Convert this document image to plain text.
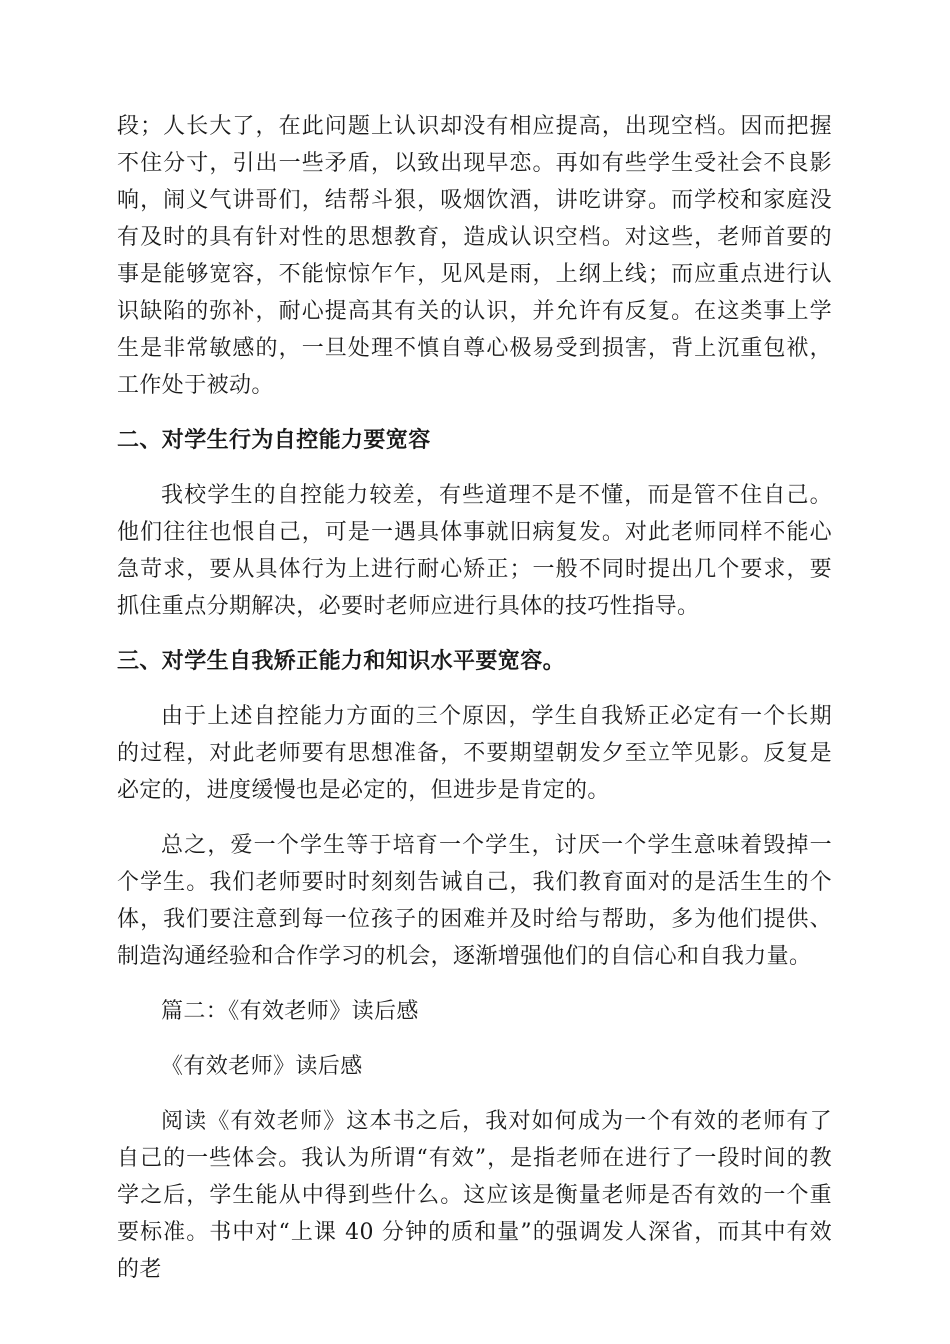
段；人长大了，在此问题上认识却没有相应提高，出现空档。因而把握不住分寸，引出一些矛盾，以致出现早恋。再如有些学生受社会不良影响，闹义气讲哥们，结帮斗狠，吸烟饮酒，讲吃讲穿。而学校和家庭没有及时的具有针对性的思想教育，造成认识空档。对这些，老师首要的事是能够宽容，不能惊惊乍乍，见风是雨，上纲上线；而应重点进行认识缺陷的弥补，耐心提高其有关的认识，并允许有反复。在这类事上学生是非常敏感的，一旦处理不慎自尊心极易受到损害，背上沉重包袱，工作处于被动。

二、对学生行为自控能力要宽容

我校学生的自控能力较差，有些道理不是不懂，而是管不住自己。他们往往也恨自己，可是一遇具体事就旧病复发。对此老师同样不能心急苛求，要从具体行为上进行耐心矫正；一般不同时提出几个要求，要抓住重点分期解决，必要时老师应进行具体的技巧性指导。

三、对学生自我矫正能力和知识水平要宽容。

由于上述自控能力方面的三个原因，学生自我矫正必定有一个长期的过程，对此老师要有思想准备，不要期望朝发夕至立竿见影。反复是必定的，进度缓慢也是必定的，但进步是肯定的。

总之，爱一个学生等于培育一个学生，讨厌一个学生意味着毁掉一个学生。我们老师要时时刻刻告诫自己，我们教育面对的是活生生的个体，我们要注意到每一位孩子的困难并及时给与帮助，多为他们提供、制造沟通经验和合作学习的机会，逐渐增强他们的自信心和自我力量。

篇二：《有效老师》读后感

《有效老师》读后感

阅读《有效老师》这本书之后，我对如何成为一个有效的老师有了自己的一些体会。我认为所谓“有效”，是指老师在进行了一段时间的教学之后，学生能从中得到些什么。这应该是衡量老师是否有效的一个重要标准。书中对“上课 40 分钟的质和量”的强调发人深省，而其中有效的老
